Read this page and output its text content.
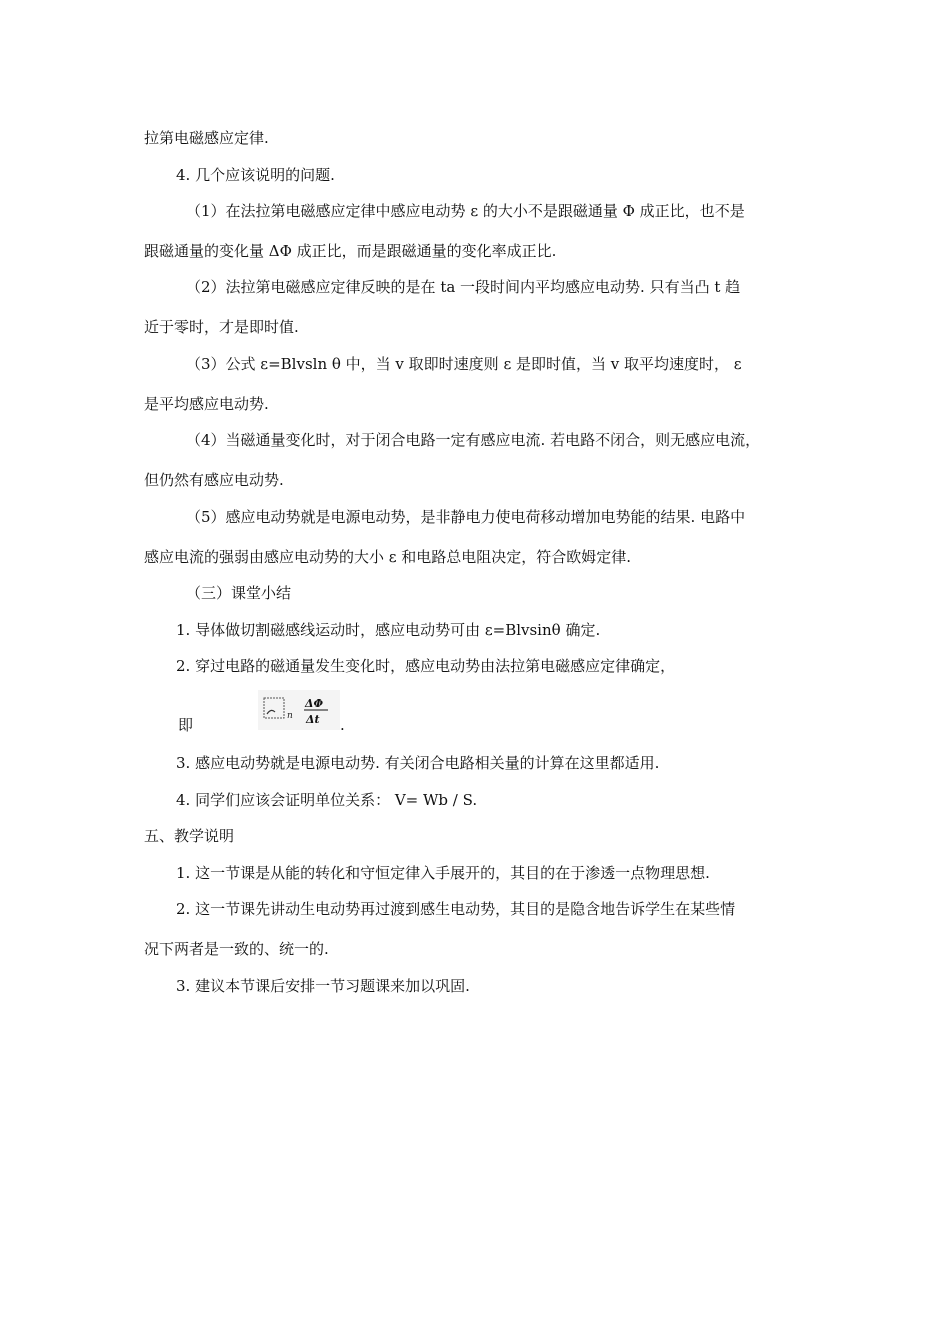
拉第电磁感应定律.
4. 几个应该说明的问题.
（1）在法拉第电磁感应定律中感应电动势 ε 的大小不是跟磁通量 Φ 成正比，也不是
跟磁通量的变化量 ΔΦ 成正比，而是跟磁通量的变化率成正比.
（2）法拉第电磁感应定律反映的是在 ta 一段时间内平均感应电动势. 只有当凸 t 趋
近于零时，才是即时值.
（3）公式 ε=Blvsln θ 中，当 v 取即时速度则 ε 是即时值，当 v 取平均速度时， ε
是平均感应电动势.
（4）当磁通量变化时，对于闭合电路一定有感应电流. 若电路不闭合，则无感应电流，
但仍然有感应电动势.
（5）感应电动势就是电源电动势，是非静电力使电荷移动增加电势能的结果. 电路中
感应电流的强弱由感应电动势的大小 ε 和电路总电阻决定，符合欧姆定律.
（三）课堂小结
1. 导体做切割磁感线运动时，感应电动势可由 ε=Blvsinθ 确定.
2. 穿过电路的磁通量发生变化时，感应电动势由法拉第电磁感应定律确定，
即	n
ΔΦ
Δt .
3. 感应电动势就是电源电动势. 有关闭合电路相关量的计算在这里都适用.
4. 同学们应该会证明单位关系： V= Wb / S.
五、教学说明
1. 这一节课是从能的转化和守恒定律入手展开的，其目的在于渗透一点物理思想.
2. 这一节课先讲动生电动势再过渡到感生电动势，其目的是隐含地告诉学生在某些情
况下两者是一致的、统一的.
3. 建议本节课后安排一节习题课来加以巩固.
